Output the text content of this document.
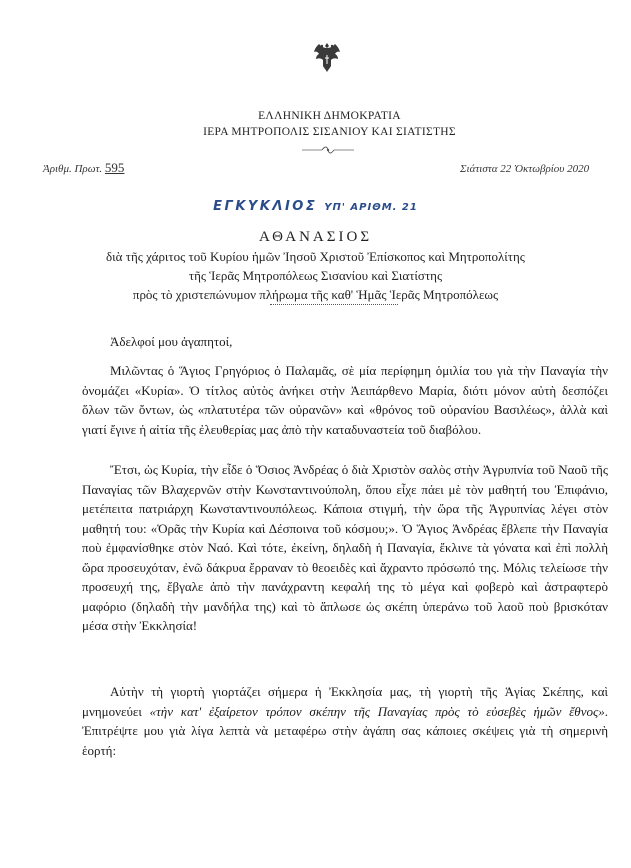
ΕΛΛΗΝΙΚΗ ΔΗΜΟΚΡΑΤΙΑ
ΙΕΡΑ ΜΗΤΡΟΠΟΛΙΣ ΣΙΣΑΝΙΟΥ ΚΑΙ ΣΙΑΤΙΣΤΗΣ
Ἀριθμ. Πρωτ. 595	Σιάτιστα 22 Ὀκτωβρίου 2020
ΕΓΚΥΚΛΙΟΣ ΥΠ' ΑΡΙΘΜ. 21
ΑΘΑΝΑΣΙΟΣ
διὰ τῆς χάριτος τοῦ Κυρίου ἡμῶν Ἰησοῦ Χριστοῦ Ἐπίσκοπος καὶ Μητροπολίτης
τῆς Ἱερᾶς Μητροπόλεως Σισανίου καὶ Σιατίστης
πρὸς τὸ χριστεπώνυμον πλήρωμα τῆς καθ' Ἡμᾶς Ἱερᾶς Μητροπόλεως
Ἀδελφοί μου ἀγαπητοί,

Μιλῶντας ὁ Ἅγιος Γρηγόριος ὁ Παλαμᾶς, σὲ μία περίφημη ὁμιλία του γιὰ τὴν Παναγία τὴν ὀνομάζει «Κυρία». Ὁ τίτλος αὐτὸς ἀνήκει στὴν Ἀειπάρθενο Μαρία, διότι μόνον αὐτὴ δεσπόζει ὅλων τῶν ὄντων, ὡς «πλατυτέρα τῶν οὐρανῶν» καὶ «θρόνος τοῦ οὐρανίου Βασιλέως», ἀλλὰ καὶ γιατί ἔγινε ἡ αἰτία τῆς ἐλευθερίας μας ἀπὸ τὴν καταδυναστεία τοῦ διαβόλου.

Ἔτσι, ὡς Κυρία, τὴν εἶδε ὁ Ὅσιος Ἀνδρέας ὁ διὰ Χριστὸν σαλὸς στὴν Ἀγρυπνία τοῦ Ναοῦ τῆς Παναγίας τῶν Βλαχερνῶν στὴν Κωνσταντινούπολη, ὅπου εἶχε πάει μὲ τὸν μαθητή του Ἐπιφάνιο, μετέπειτα πατριάρχη Κωνσταντινουπόλεως. Κάποια στιγμή, τὴν ὥρα τῆς Ἀγρυπνίας λέγει στὸν μαθητή του: «Ὁρᾶς τὴν Κυρία καὶ Δέσποινα τοῦ κόσμου;». Ὁ Ἅγιος Ἀνδρέας ἔβλεπε τὴν Παναγία ποὺ ἐμφανίσθηκε στὸν Ναό. Καὶ τότε, ἐκείνη, δηλαδὴ ἡ Παναγία, ἔκλινε τὰ γόνατα καὶ ἐπὶ πολλὴ ὥρα προσευχόταν, ἐνῶ δάκρυα ἔρραναν τὸ θεοειδὲς καὶ ἄχραντο πρόσωπό της. Μόλις τελείωσε τὴν προσευχή της, ἔβγαλε ἀπὸ τὴν πανάχραντη κεφαλή της τὸ μέγα καὶ φοβερὸ καὶ ἀστραφτερὸ μαφόριο (δηλαδὴ τὴν μανδήλα της) καὶ τὸ ἅπλωσε ὡς σκέπη ὑπεράνω τοῦ λαοῦ ποὺ βρισκόταν μέσα στὴν Ἐκκλησία!

Αὐτὴν τὴ γιορτὴ γιορτάζει σήμερα ἡ Ἐκκλησία μας, τὴ γιορτὴ τῆς Ἁγίας Σκέπης, καὶ μνημονεύει «τὴν κατ' ἐξαίρετον τρόπον σκέπην τῆς Παναγίας πρὸς τὸ εὐσεβὲς ἡμῶν ἔθνος». Ἐπιτρέψτε μου γιὰ λίγα λεπτὰ νὰ μεταφέρω στὴν ἀγάπη σας κάποιες σκέψεις γιὰ τὴ σημερινὴ ἑορτή:
